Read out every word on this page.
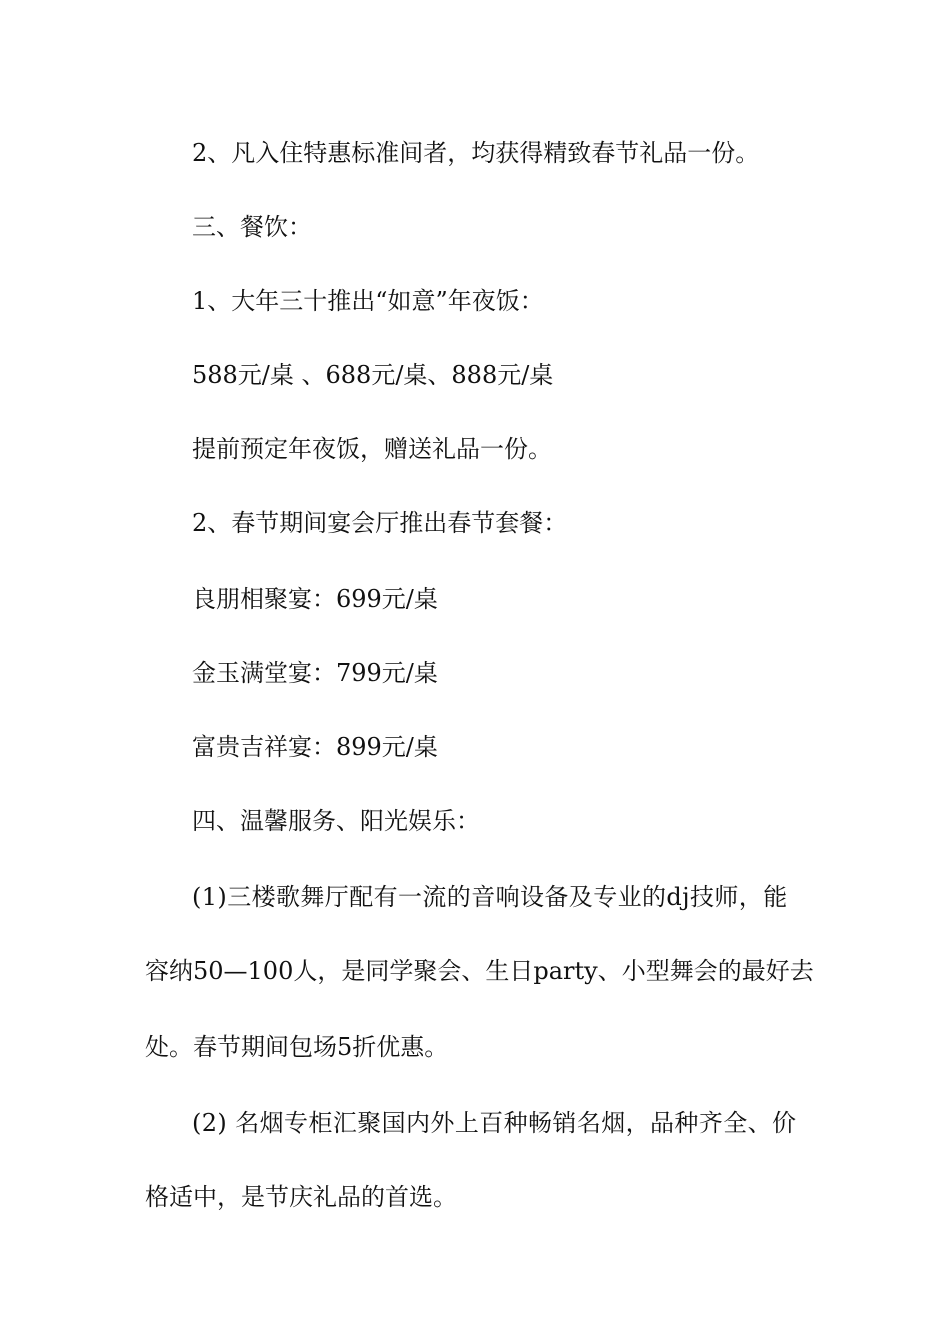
2、凡入住特惠标准间者，均获得精致春节礼品一份。
三、餐饮：
1、大年三十推出“如意”年夜饭：
588元/桌 、688元/桌、888元/桌
提前预定年夜饭，赠送礼品一份。
2、春节期间宴会厅推出春节套餐：
良朋相聚宴：699元/桌
金玉满堂宴：799元/桌
富贵吉祥宴：899元/桌
四、温馨服务、阳光娱乐：
(1)三楼歌舞厅配有一流的音响设备及专业的dj技师，能
容纳50—100人，是同学聚会、生日party、小型舞会的最好去
处。春节期间包场5折优惠。
(2) 名烟专柜汇聚国内外上百种畅销名烟，品种齐全、价
格适中，是节庆礼品的首选。
